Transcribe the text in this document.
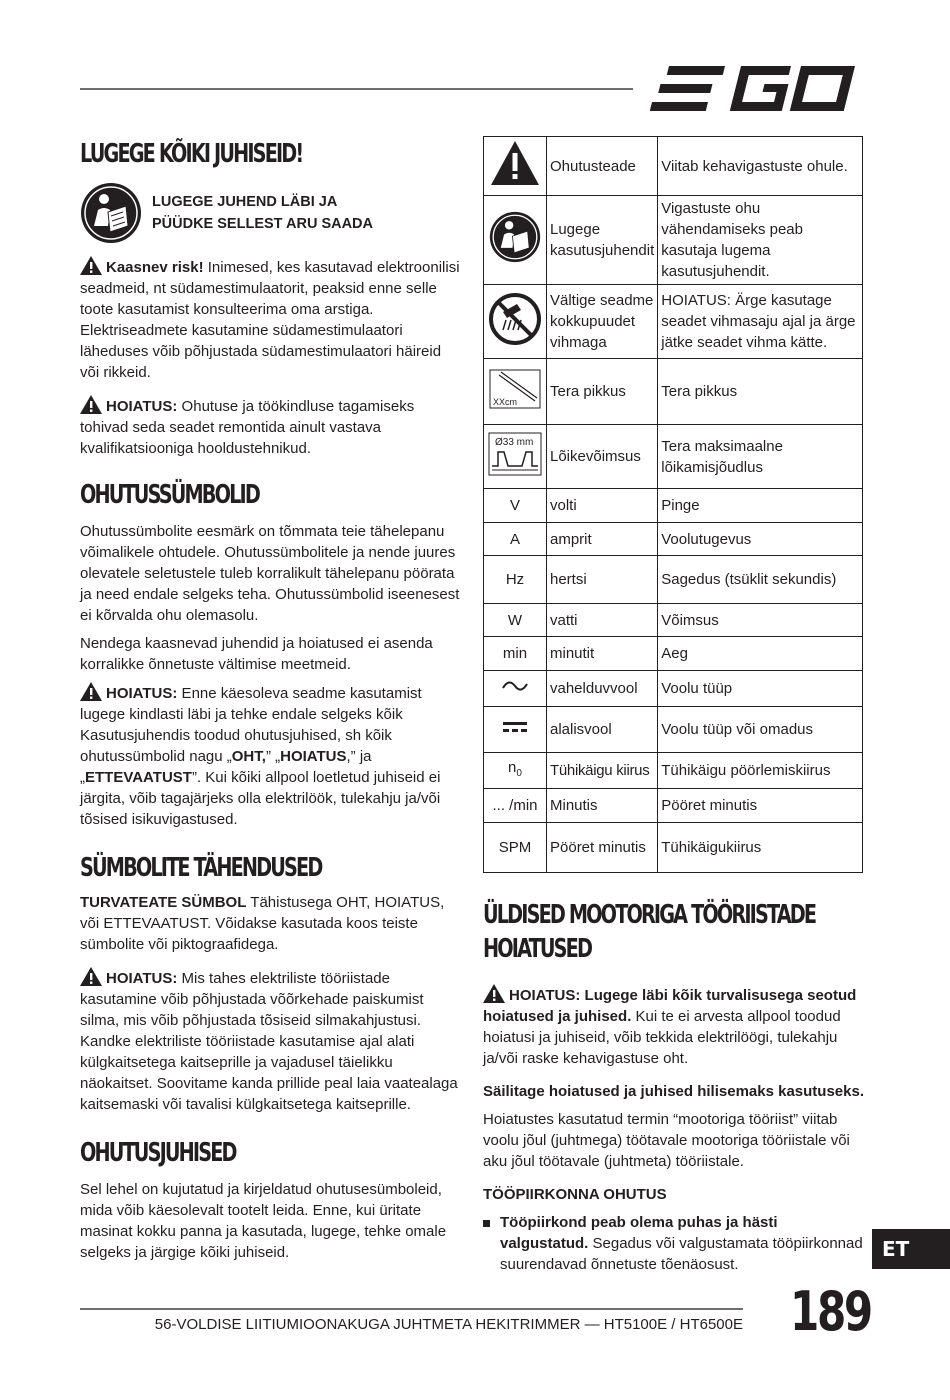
LUGEGE KÕIKI JUHISEID!
LUGEGE JUHEND LÄBI JA
PÜÜDKE SELLEST ARU SAADA

Kaasnev risk! Inimesed, kes kasutavad elektroonilisi seadmeid, nt südamestimulaatorit, peaksid enne selle toote kasutamist konsulteerima oma arstiga. Elektriseadmete kasutamine südamestimulaatori läheduses võib põhjustada südamestimulaatori häireid või rikkeid.

HOIATUS: Ohutuse ja töökindluse tagamiseks tohivad seda seadet remontida ainult vastava kvalifikatsiooniga hooldustehnikud.

OHUTUSSÜMBOLID

Ohutussümbolite eesmärk on tõmmata teie tähelepanu võimalikele ohtudele. Ohutussümbolitele ja nende juures olevatele seletustele tuleb korralikult tähelepanu pöörata ja need endale selgeks teha. Ohutussümbolid iseenesest ei kõrvalda ohu olemasolu.

Nendega kaasnevad juhendid ja hoiatused ei asenda korralikke õnnetuste vältimise meetmeid.

HOIATUS: Enne käesoleva seadme kasutamist lugege kindlasti läbi ja tehke endale selgeks kõik Kasutusjuhendis toodud ohutusjuhised, sh kõik ohutussümbolid nagu „OHT,” „HOIATUS,” ja „ETTEVAATUST”. Kui kõiki allpool loetletud juhiseid ei järgita, võib tagajärjeks olla elektrilöök, tulekahju ja/või tõsised isikuvigastused.

SÜMBOLITE TÄHENDUSED

TURVATEATE SÜMBOL Tähistusega OHT, HOIATUS, või ETTEVAATUST. Võidakse kasutada koos teiste sümbolite või piktograafidega.

HOIATUS: Mis tahes elektriliste tööriistade kasutamine võib põhjustada võõrkehade paiskumist silma, mis võib põhjustada tõsiseid silmakahjustusi. Kandke elektriliste tööriistade kasutamise ajal alati külgkaitsetega kaitseprille ja vajadusel täielikku näokaitset. Soovitame kanda prillide peal laia vaatealaga kaitsemaski või tavalisi külgkaitsetega kaitseprille.

OHUTUSJUHISED

Sel lehel on kujutatud ja kirjeldatud ohutusesümboleid, mida võib käesolevalt tootelt leida. Enne, kui üritate masinat kokku panna ja kasutada, lugege, tehke omale selgeks ja järgige kõiki juhiseid.

	Ohutusteade	Viitab kehavigastuste ohule.
	Lugege kasutusjuhendit	Vigastuste ohu vähendamiseks peab kasutaja lugema kasutusjuhendit.
	Vältige seadme kokkupuudet vihmaga	HOIATUS: Ärge kasutage seadet vihmasaju ajal ja ärge jätke seadet vihma kätte.

XXcm	Tera pikkus	Tera pikkus

Ø33 mm	Lõikevõimsus	Tera maksimaalne lõikamisjõudlus
V	volti	Pinge
A	amprit	Voolutugevus
Hz	hertsi	Sagedus (tsüklit sekundis)
W	vatti	Võimsus
min	minutit	Aeg
	vahelduvvool	Voolu tüüp
	alalisvool	Voolu tüüp või omadus
$n_0$	Tühikäigu kiirus	Tühikäigu pöörlemiskiirus
... /min	Minutis	Pööret minutis
SPM	Pööret minutis	Tühikäigukiirus
ÜLDISED MOOTORIGA TÖÖRIISTADE HOIATUSED

HOIATUS: Lugege läbi kõik turvalisusega seotud hoiatused ja juhised. Kui te ei arvesta allpool toodud hoiatusi ja juhiseid, võib tekkida elektrilöögi, tulekahju ja/või raske kehavigastuse oht.

Säilitage hoiatused ja juhised hilisemaks kasutuseks.

Hoiatustes kasutatud termin “mootoriga tööriist” viitab voolu jõul (juhtmega) töötavale mootoriga tööriistale või aku jõul töötavale (juhtmeta) tööriistale.

TÖÖPIIRKONNA OHUTUS

Tööpiirkond peab olema puhas ja hästi valgustatud. Segadus või valgustamata tööpiirkonnad suurendavad õnnetuste tõenäosust.
ET
56-VOLDISE LIITIUMIOONAKUGA JUHTMETA HEKITRIMMER — HT5100E / HT6500E 189
